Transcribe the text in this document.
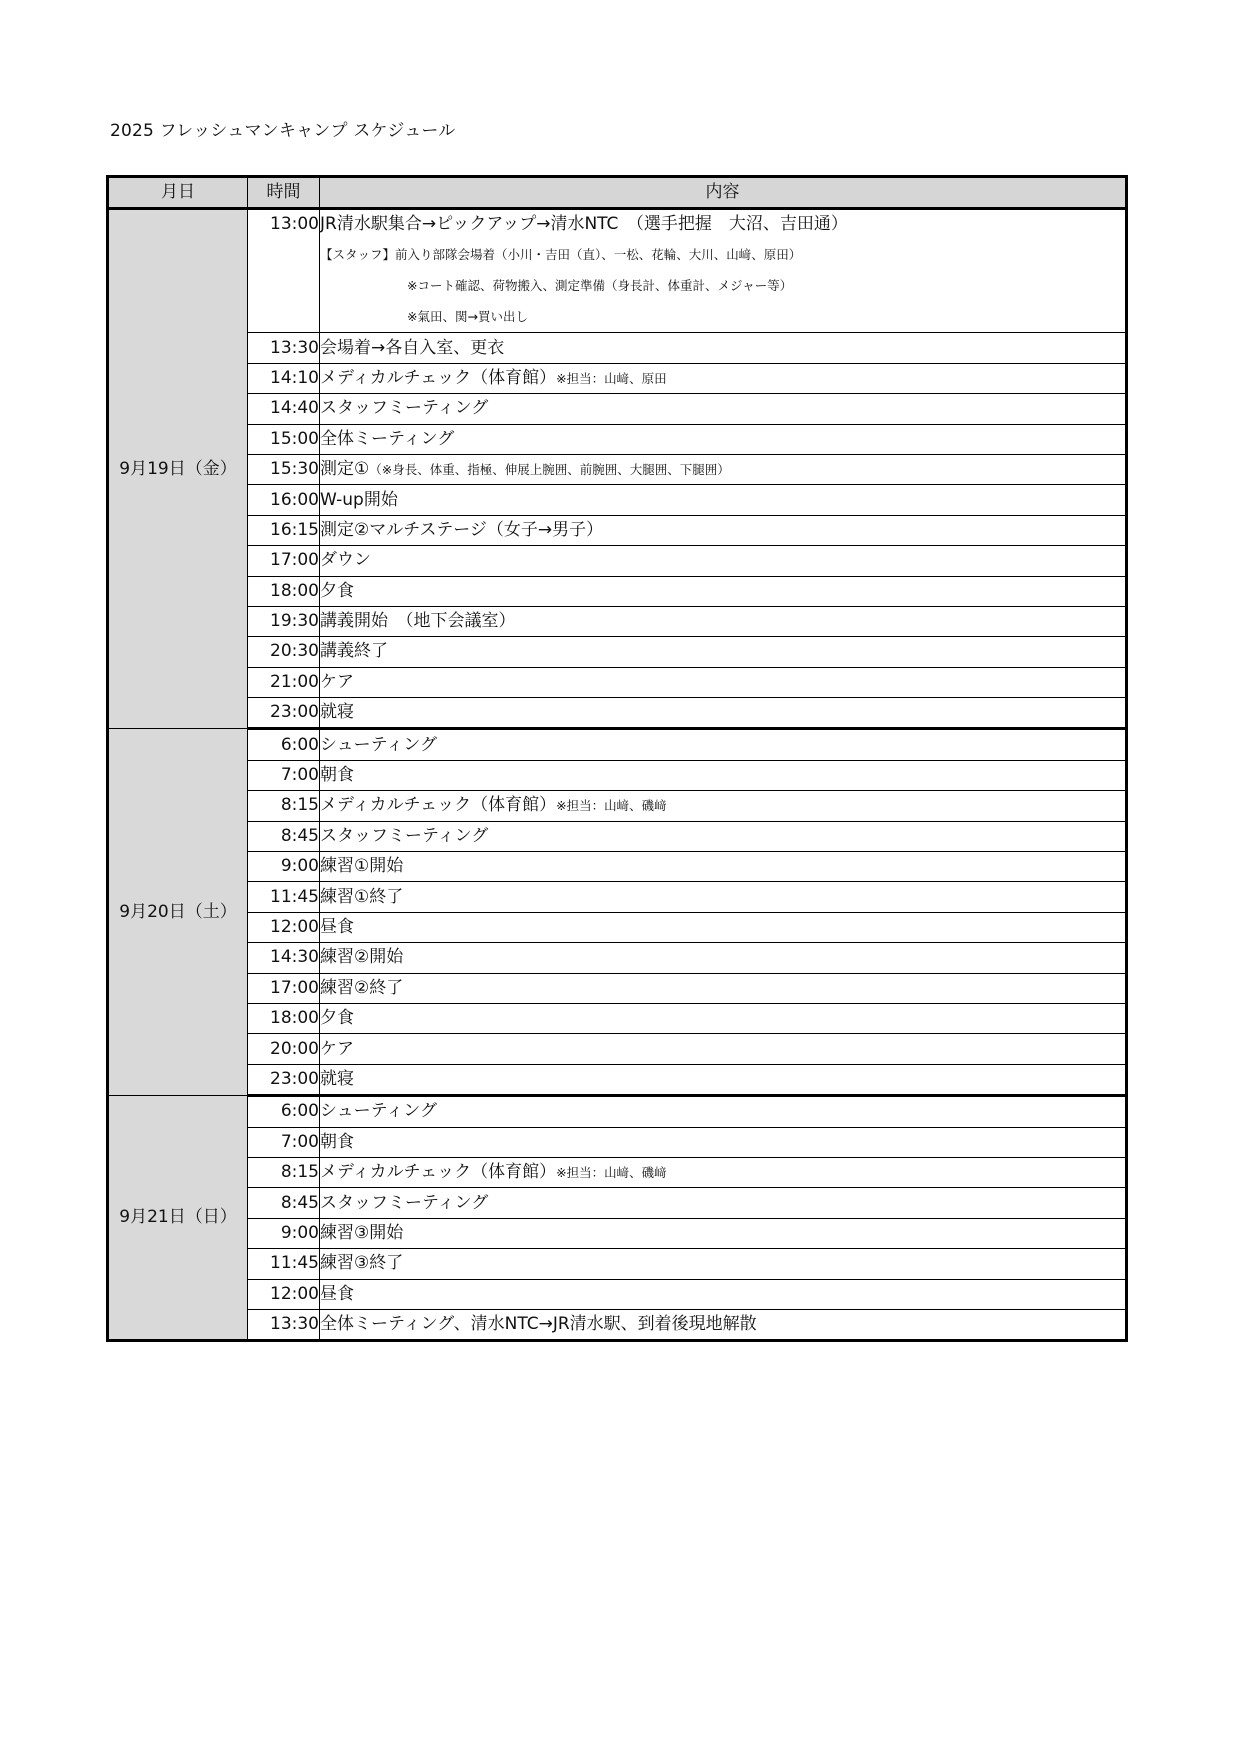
2025 フレッシュマンキャンプ スケジュール
月日	時間	内容
9月19日（金）	13:00	JR清水駅集合→ピックアップ→清水NTC　（選手把握　大沼、吉田通）
【スタッフ】前入り部隊会場着（小川・吉田（直）、一松、花輪、大川、山﨑、原田）
※コート確認、荷物搬入、測定準備（身長計、体重計、メジャー等）
※氣田、関→買い出し

	13:30	会場着→各自入室、更衣
	14:10	メディカルチェック（体育館）※担当：山﨑、原田
	14:40	スタッフミーティング
	15:00	全体ミーティング
	15:30	測定①（※身長、体重、指極、伸展上腕囲、前腕囲、大腿囲、下腿囲）
	16:00	W-up開始
	16:15	測定②マルチステージ（女子→男子）
	17:00	ダウン
	18:00	夕食
	19:30	講義開始　（地下会議室）
	20:30	講義終了
	21:00	ケア
	23:00	就寝
9月20日（土）	6:00	シューティング
	7:00	朝食
	8:15	メディカルチェック（体育館）※担当：山﨑、磯﨑
	8:45	スタッフミーティング
	9:00	練習①開始
	11:45	練習①終了
	12:00	昼食
	14:30	練習②開始
	17:00	練習②終了
	18:00	夕食
	20:00	ケア
	23:00	就寝
9月21日（日）	6:00	シューティング
	7:00	朝食
	8:15	メディカルチェック（体育館）※担当：山﨑、磯﨑
	8:45	スタッフミーティング
	9:00	練習③開始
	11:45	練習③終了
	12:00	昼食
	13:30	全体ミーティング、清水NTC→JR清水駅、到着後現地解散
